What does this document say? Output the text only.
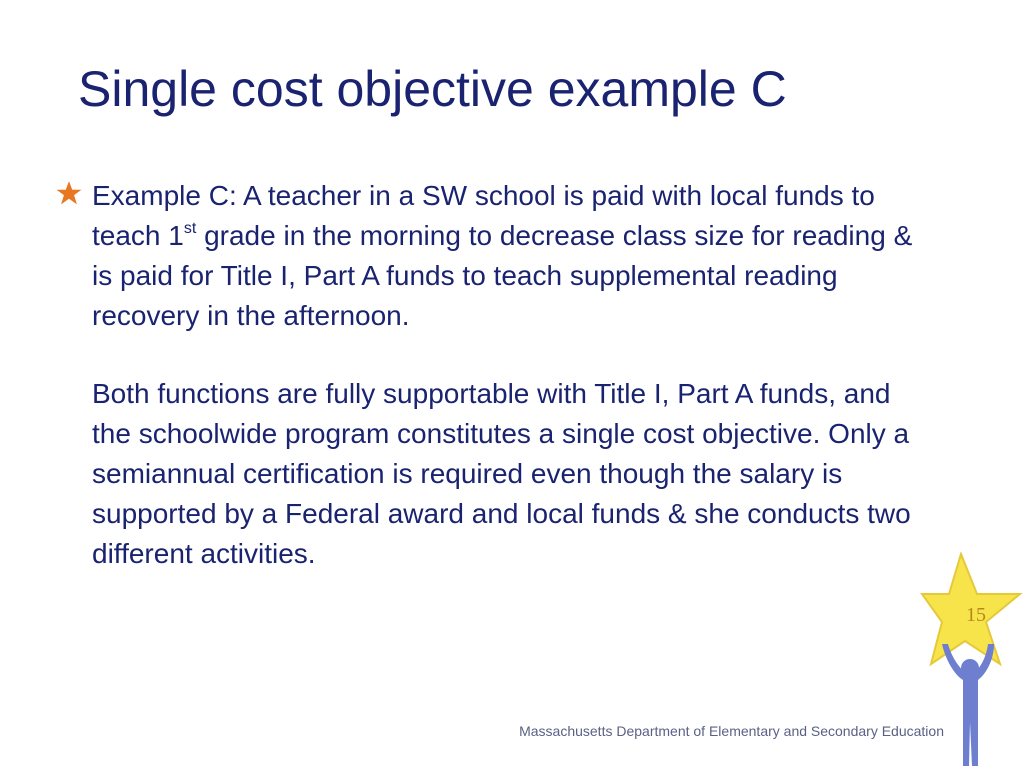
Single cost objective example C
Example C: A teacher in a SW school is paid with local funds to teach 1st grade in the morning to decrease class size for reading & is paid for Title I, Part A funds to teach supplemental reading recovery in the afternoon.
Both functions are fully supportable with Title I, Part A funds, and the schoolwide program constitutes a single cost objective. Only a semiannual certification is required even though the salary is supported by a Federal award and local funds & she conducts two different activities.
Massachusetts Department of Elementary and Secondary Education
15
